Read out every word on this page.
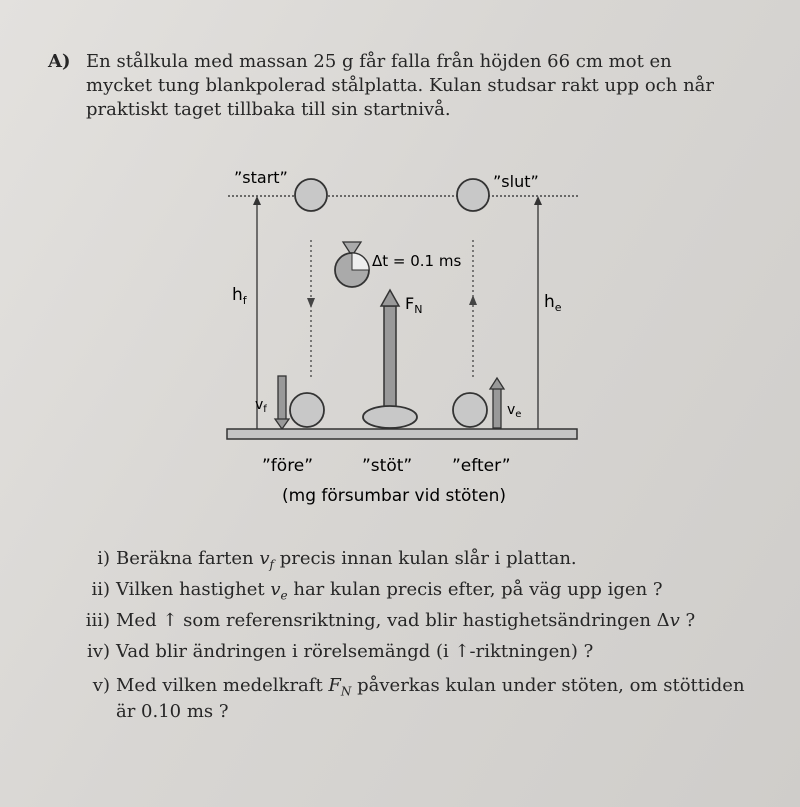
A) En stålkula med massan 25 g får falla från höjden 66 cm mot en
mycket tung blankpolerad stålplatta. Kulan studsar rakt upp och når
praktiskt taget tillbaka till sin startnivå.
”start”	”slut”
$h_f$	$h_e$
Δt = 0.1 ms
$F_N$
$v_f$	$v_e$
”före”	”stöt” ”efter”
(mg försumbar vid stöten)
i) Beräkna farten $v_f$ precis innan kulan slår i plattan.
ii) Vilken hastighet $v_e$ har kulan precis efter, på väg upp igen ?
iii) Med ↑ som referensriktning, vad blir hastighetsändringen Δv ?
iv) Vad blir ändringen i rörelsemängd (i ↑-riktningen) ?
v) Med vilken medelkraft $F_N$ påverkas kulan under stöten, om stöttiden
är 0.10 ms ?
